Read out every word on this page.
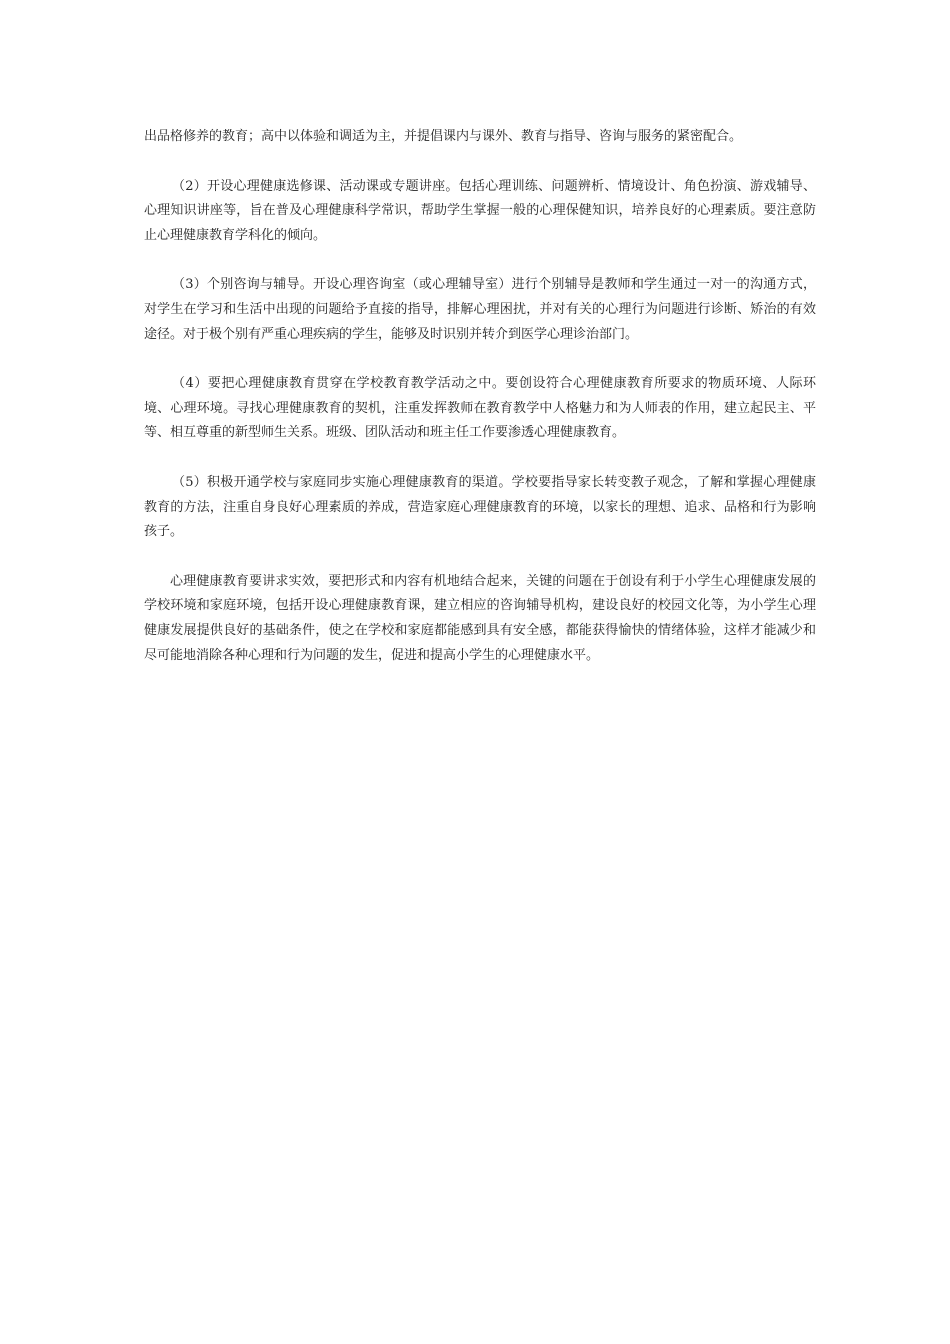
出品格修养的教育；高中以体验和调适为主，并提倡课内与课外、教育与指导、咨询与服务的紧密配合。

（2）开设心理健康选修课、活动课或专题讲座。包括心理训练、问题辨析、情境设计、角色扮演、游戏辅导、心理知识讲座等，旨在普及心理健康科学常识，帮助学生掌握一般的心理保健知识，培养良好的心理素质。要注意防止心理健康教育学科化的倾向。

（3）个别咨询与辅导。开设心理咨询室（或心理辅导室）进行个别辅导是教师和学生通过一对一的沟通方式，对学生在学习和生活中出现的问题给予直接的指导，排解心理困扰，并对有关的心理行为问题进行诊断、矫治的有效途径。对于极个别有严重心理疾病的学生，能够及时识别并转介到医学心理诊治部门。

（4）要把心理健康教育贯穿在学校教育教学活动之中。要创设符合心理健康教育所要求的物质环境、人际环境、心理环境。寻找心理健康教育的契机，注重发挥教师在教育教学中人格魅力和为人师表的作用，建立起民主、平等、相互尊重的新型师生关系。班级、团队活动和班主任工作要渗透心理健康教育。

（5）积极开通学校与家庭同步实施心理健康教育的渠道。学校要指导家长转变教子观念，了解和掌握心理健康教育的方法，注重自身良好心理素质的养成，营造家庭心理健康教育的环境，以家长的理想、追求、品格和行为影响孩子。

心理健康教育要讲求实效，要把形式和内容有机地结合起来，关键的问题在于创设有利于小学生心理健康发展的学校环境和家庭环境，包括开设心理健康教育课，建立相应的咨询辅导机构，建设良好的校园文化等，为小学生心理健康发展提供良好的基础条件，使之在学校和家庭都能感到具有安全感，都能获得愉快的情绪体验，这样才能减少和尽可能地消除各种心理和行为问题的发生，促进和提高小学生的心理健康水平。
